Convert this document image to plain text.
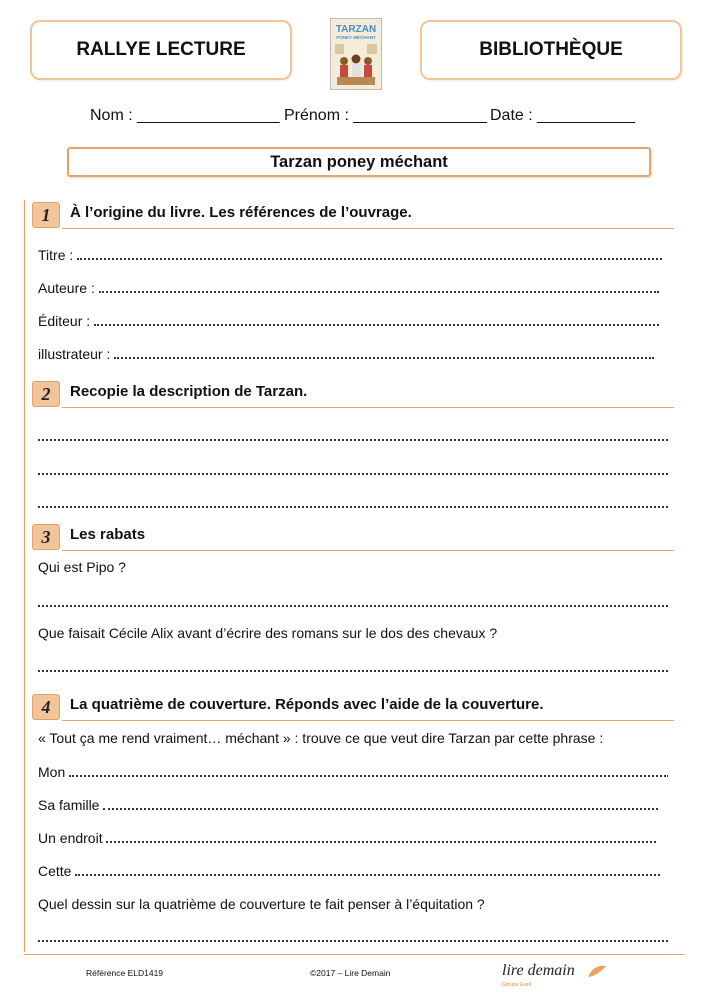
RALLYE LECTURE
TARZAN
PONEY MÉCHANT
BIBLIOTHÈQUE
Nom : ________________ Prénom : _______________ Date : ___________
Tarzan poney méchant
1	À l’origine du livre. Les références de l’ouvrage.
Titre :
Auteure :
Éditeur :
illustrateur :
2	Recopie la description de Tarzan.
3	Les rabats
Qui est Pipo ?
Que faisait Cécile Alix avant d’écrire des romans sur le dos des chevaux ?
4	La quatrième de couverture. Réponds avec l’aide de la couverture.
« Tout ça me rend vraiment… méchant » : trouve ce que veut dire Tarzan par cette phrase :
Mon
Sa famille
Un endroit
Cette
Quel dessin sur la quatrième de couverture te fait penser à l’équitation ?
Référence ELD1419	©2017 – Lire Demain	lire demain
Groupe Eveil
